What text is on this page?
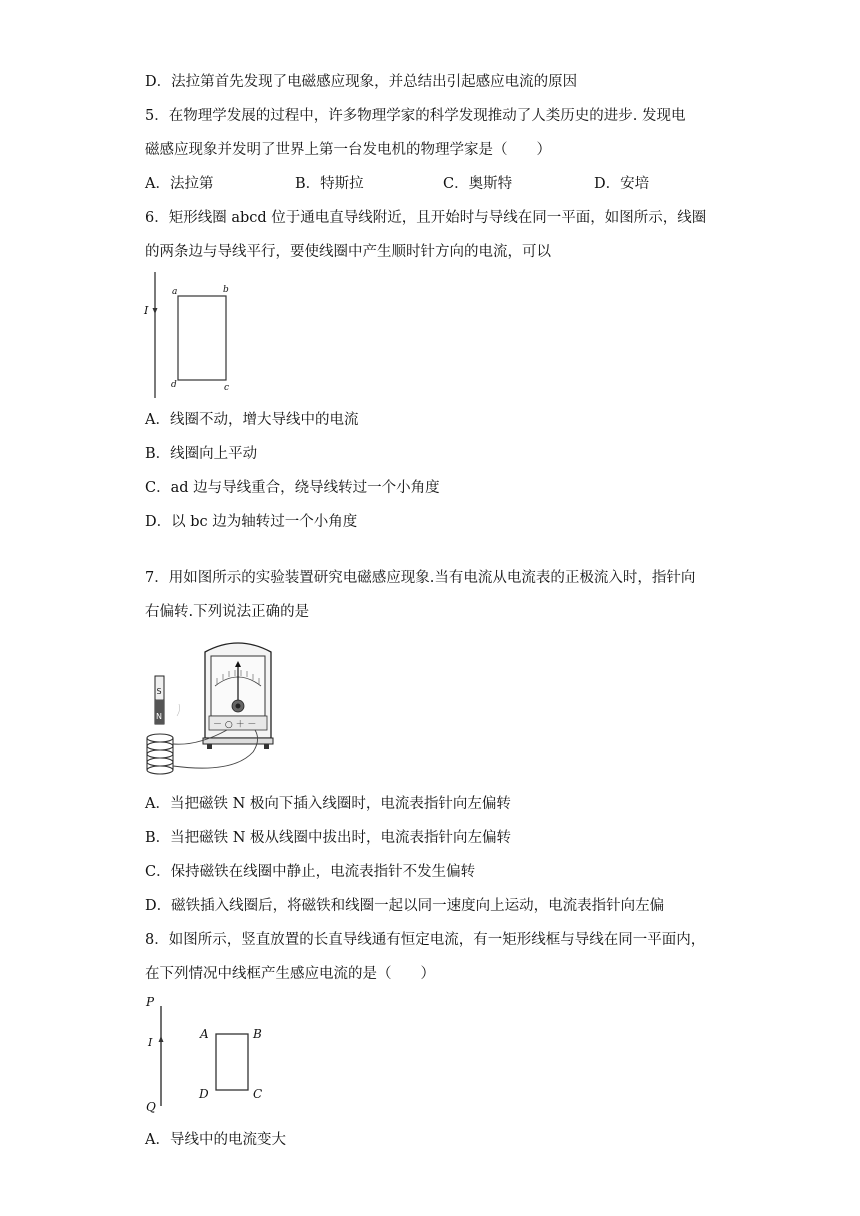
D．法拉第首先发现了电磁感应现象，并总结出引起感应电流的原因
5．在物理学发展的过程中，许多物理学家的科学发现推动了人类历史的进步. 发现电
磁感应现象并发明了世界上第一台发电机的物理学家是（　　）
A．法拉第	B．特斯拉	C．奥斯特	D．安培
6．矩形线圈 abcd 位于通电直导线附近，且开始时与导线在同一平面，如图所示，线圈
的两条边与导线平行，要使线圈中产生顺时针方向的电流，可以
I
a	b
c
d
A．线圈不动，增大导线中的电流
B．线圈向上平动
C．ad 边与导线重合，绕导线转过一个小角度
D．以 bc 边为轴转过一个小角度
7．用如图所示的实验装置研究电磁感应现象.当有电流从电流表的正极流入时，指针向
右偏转.下列说法正确的是
－ ○ ＋ －
S
N
A．当把磁铁 N 极向下插入线圈时，电流表指针向左偏转
B．当把磁铁 N 极从线圈中拔出时，电流表指针向左偏转
C．保持磁铁在线圈中静止，电流表指针不发生偏转
D．磁铁插入线圈后，将磁铁和线圈一起以同一速度向上运动，电流表指针向左偏
8．如图所示，竖直放置的长直导线通有恒定电流，有一矩形线框与导线在同一平面内，
在下列情况中线框产生感应电流的是（　　）
P
Q
I
A	B
C
D
A．导线中的电流变大
